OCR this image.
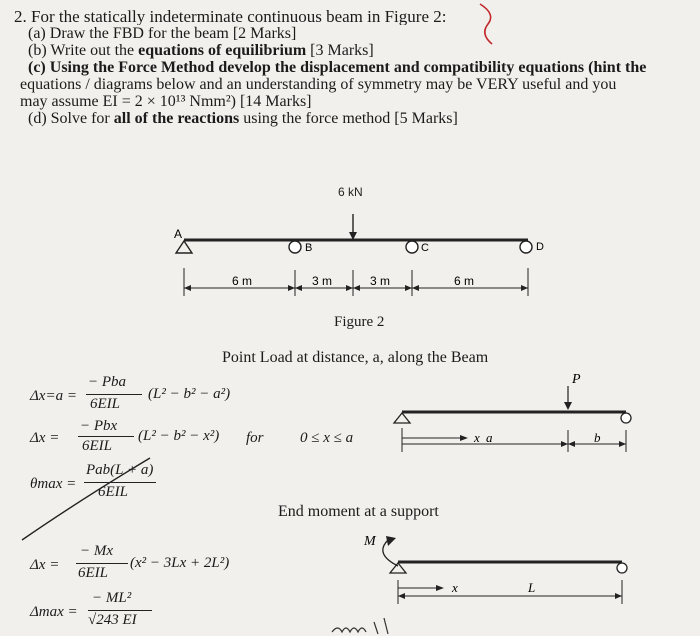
2. For the statically indeterminate continuous beam in Figure 2:
(a) Draw the FBD for the beam [2 Marks]
(b) Write out the equations of equilibrium [3 Marks]
(c) Using the Force Method develop the displacement and compatibility equations (hint the
equations / diagrams below and an understanding of symmetry may be VERY useful and you
may assume EI = 2 × 10¹³ Nmm²) [14 Marks]
(d) Solve for all of the reactions using the force method [5 Marks]
6 kN
A
B	C	D
6 m	3 m	3 m	6 m
P
x a	b
M
x	L
Figure 2
Point Load at distance, a, along the Beam
Δx=a =
− Pba
6EIL
(L² − b² − a²)
Δx =
− Pbx
6EIL
(L² − b² − x²) for 0 ≤ x ≤ a
θmax =
Pab(L + a)
6EIL
End moment at a support
Δx =
− Mx
6EIL
(x² − 3Lx + 2L²)
Δmax =
− ML²
√243 EI
